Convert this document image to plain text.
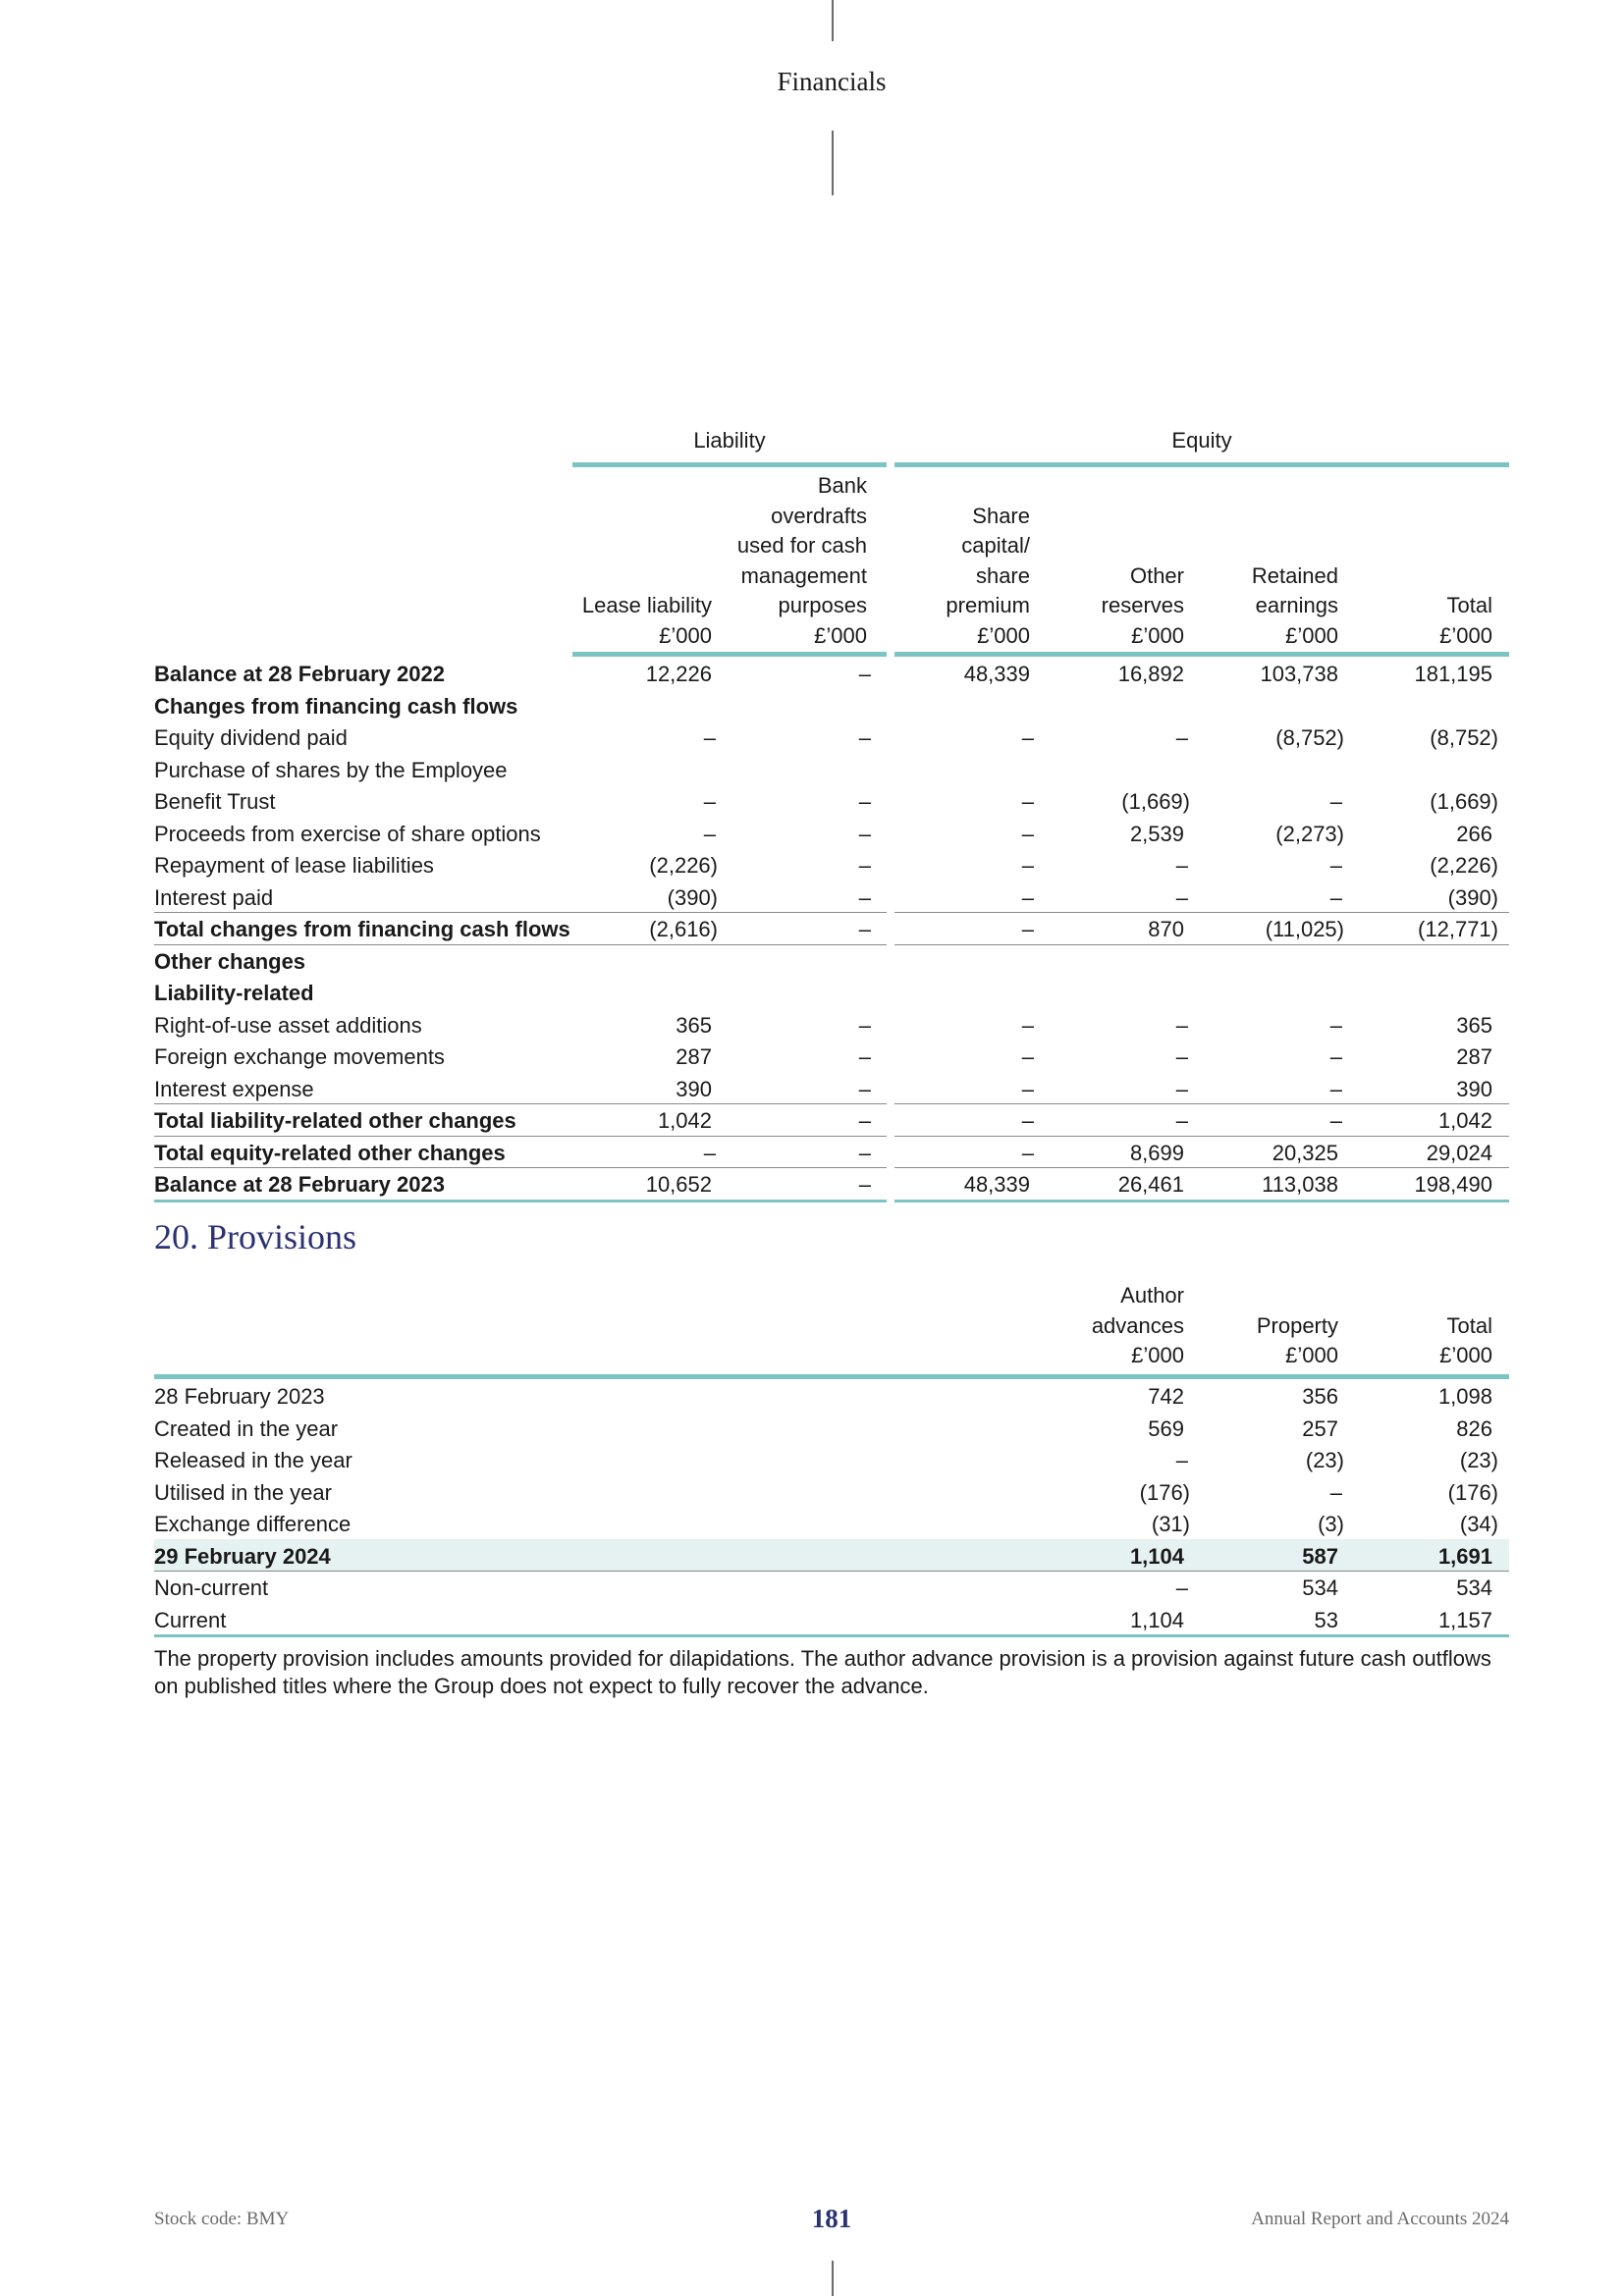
Financials
Liability	Equity
Lease liability
£’000
Bank
overdrafts
used for cash
management
purposes
£’000
Share
capital/
share
premium
£’000
Other
reserves
£’000
Retained
earnings
£’000
Total
£’000
Balance at 28 February 2022	12,226	–	48,339	16,892	103,738	181,195
Changes from financing cash flows
Equity dividend paid	–	–	–	–	(8,752)	(8,752)
Purchase of shares by the Employee
Benefit Trust	–	–	–	(1,669)	–	(1,669)
Proceeds from exercise of share options	–	–	–	2,539	(2,273)	266
Repayment of lease liabilities	(2,226)	–	–	–	–	(2,226)
Interest paid	(390)	–	–	–	–	(390)
Total changes from financing cash flows	(2,616)	–	–	870	(11,025)	(12,771)
Other changes
Liability-related
Right-of-use asset additions	365	–	–	–	–	365
Foreign exchange movements	287	–	–	–	–	287
Interest expense	390	–	–	–	–	390
Total liability-related other changes	1,042	–	–	–	–	1,042
Total equity-related other changes	–	–	–	8,699	20,325	29,024
Balance at 28 February 2023	10,652	–	48,339	26,461	113,038	198,490
20. Provisions
Author
advances
£’000
Property
£’000
Total
£’000
28 February 2023	742	356	1,098
Created in the year	569	257	826
Released in the year	–	(23)	(23)
Utilised in the year	(176)	–	(176)
Exchange difference	(31)	(3)	(34)
29 February 2024	1,104	587	1,691
Non-current	–	534	534
Current	1,104	53	1,157
The property provision includes amounts provided for dilapidations. The author advance provision is a provision against future cash outflows on published titles where the Group does not expect to fully recover the advance.
Stock code: BMY	181	Annual Report and Accounts 2024
